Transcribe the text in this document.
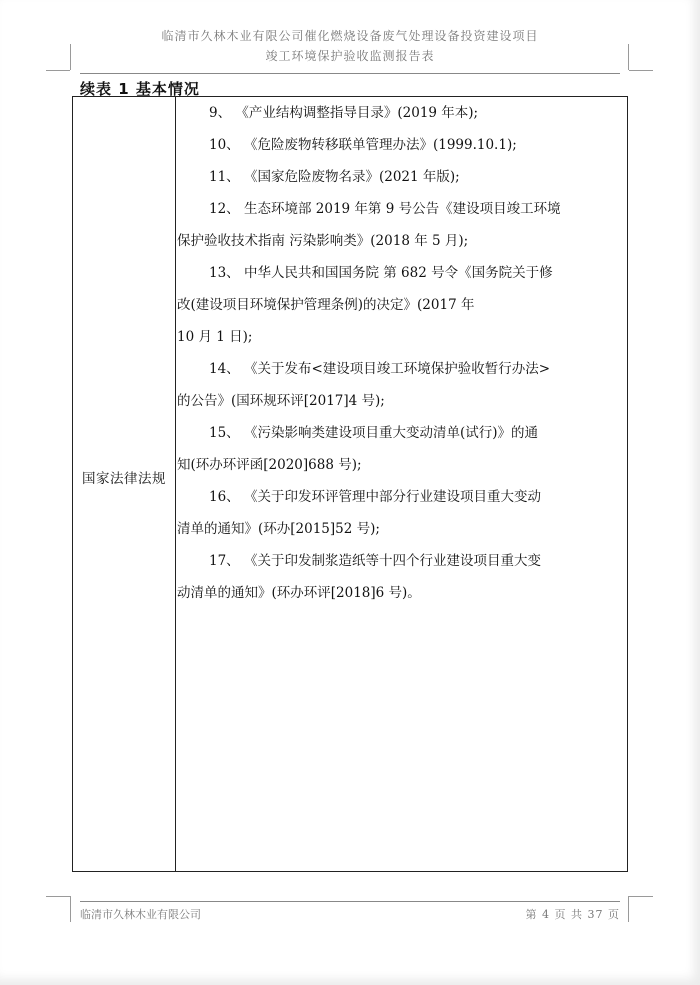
临清市久林木业有限公司催化燃烧设备废气处理设备投资建设项目
竣工环境保护验收监测报告表
续表 1 基本情况
国家法律法规
9、 《产业结构调整指导目录》(2019 年本);
10、 《危险废物转移联单管理办法》(1999.10.1);
11、 《国家危险废物名录》(2021 年版);
12、 生态环境部 2019 年第 9 号公告《建设项目竣工环境
保护验收技术指南 污染影响类》(2018 年 5 月);
13、 中华人民共和国国务院 第 682 号令《国务院关于修
改(建设项目环境保护管理条例)的决定》(2017 年
10 月 1 日);
14、 《关于发布<建设项目竣工环境保护验收暂行办法>
的公告》(国环规环评[2017]4 号);
15、 《污染影响类建设项目重大变动清单(试行)》的通
知(环办环评函[2020]688 号);
16、 《关于印发环评管理中部分行业建设项目重大变动
清单的通知》(环办[2015]52 号);
17、 《关于印发制浆造纸等十四个行业建设项目重大变
动清单的通知》(环办环评[2018]6 号)。
临清市久林木业有限公司	第 4 页 共 37 页
